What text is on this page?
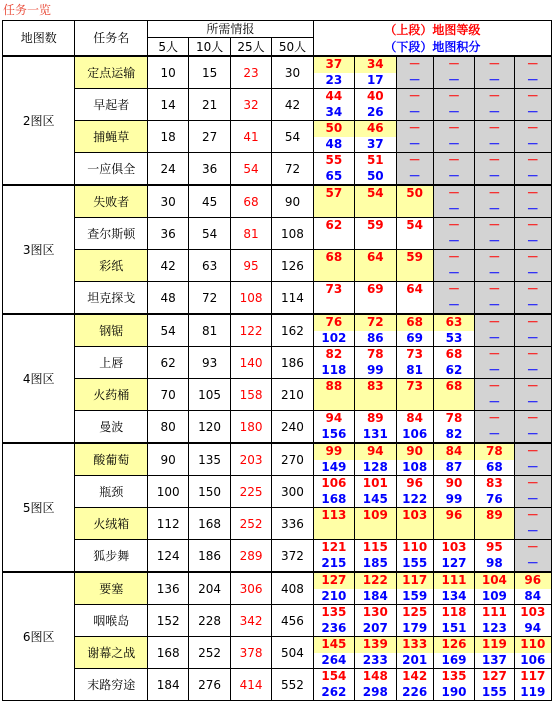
任务一览
地图数	任务名	所需情报				（上段）地图等级
（下段）地图积分					

		5人	10人	25人	50人						
2图区	定点运输	10	15	23	30	37	34	－	－	－	－
						23	17	－	－	－	－
	早起者	14	21	32	42	44	40	－	－	－	－
						34	26	－	－	－	－
	捕蝇草	18	27	41	54	50	46	－	－	－	－
						48	37	－	－	－	－
	一应俱全	24	36	54	72	55	51	－	－	－	－
						65	50	－	－	－	－
3图区	失败者	30	45	68	90	57	54	50	－	－	－
									－	－	－
	查尔斯顿	36	54	81	108	62	59	54	－	－	－
									－	－	－
	彩纸	42	63	95	126	68	64	59	－	－	－
									－	－	－
	坦克探戈	48	72	108	114	73	69	64	－	－	－
									－	－	－
4图区	钢锯	54	81	122	162	76	72	68	63	－	－
						102	86	69	53	－	－
	上唇	62	93	140	186	82	78	73	68	－	－
						118	99	81	62	－	－
	火药桶	70	105	158	210	88	83	73	68	－	－
										－	－
	曼波	80	120	180	240	94	89	84	78	－	－
						156	131	106	82	－	－
5图区	酸葡萄	90	135	203	270	99	94	90	84	78	－
						149	128	108	87	68	－
	瓶颈	100	150	225	300	106	101	96	90	83	－
						168	145	122	99	76	－
	火绒箱	112	168	252	336	113	109	103	96	89	－
											－
	狐步舞	124	186	289	372	121	115	110	103	95	－
						215	185	155	127	98	－
6图区	要塞	136	204	306	408	127	122	117	111	104	96
						210	184	159	134	109	84
	咽喉岛	152	228	342	456	135	130	125	118	111	103
						236	207	179	151	123	94
	谢幕之战	168	252	378	504	145	139	133	126	119	110
						264	233	201	169	137	106
	末路穷途	184	276	414	552	154	148	142	135	127	117
						262	298	226	190	155	119
